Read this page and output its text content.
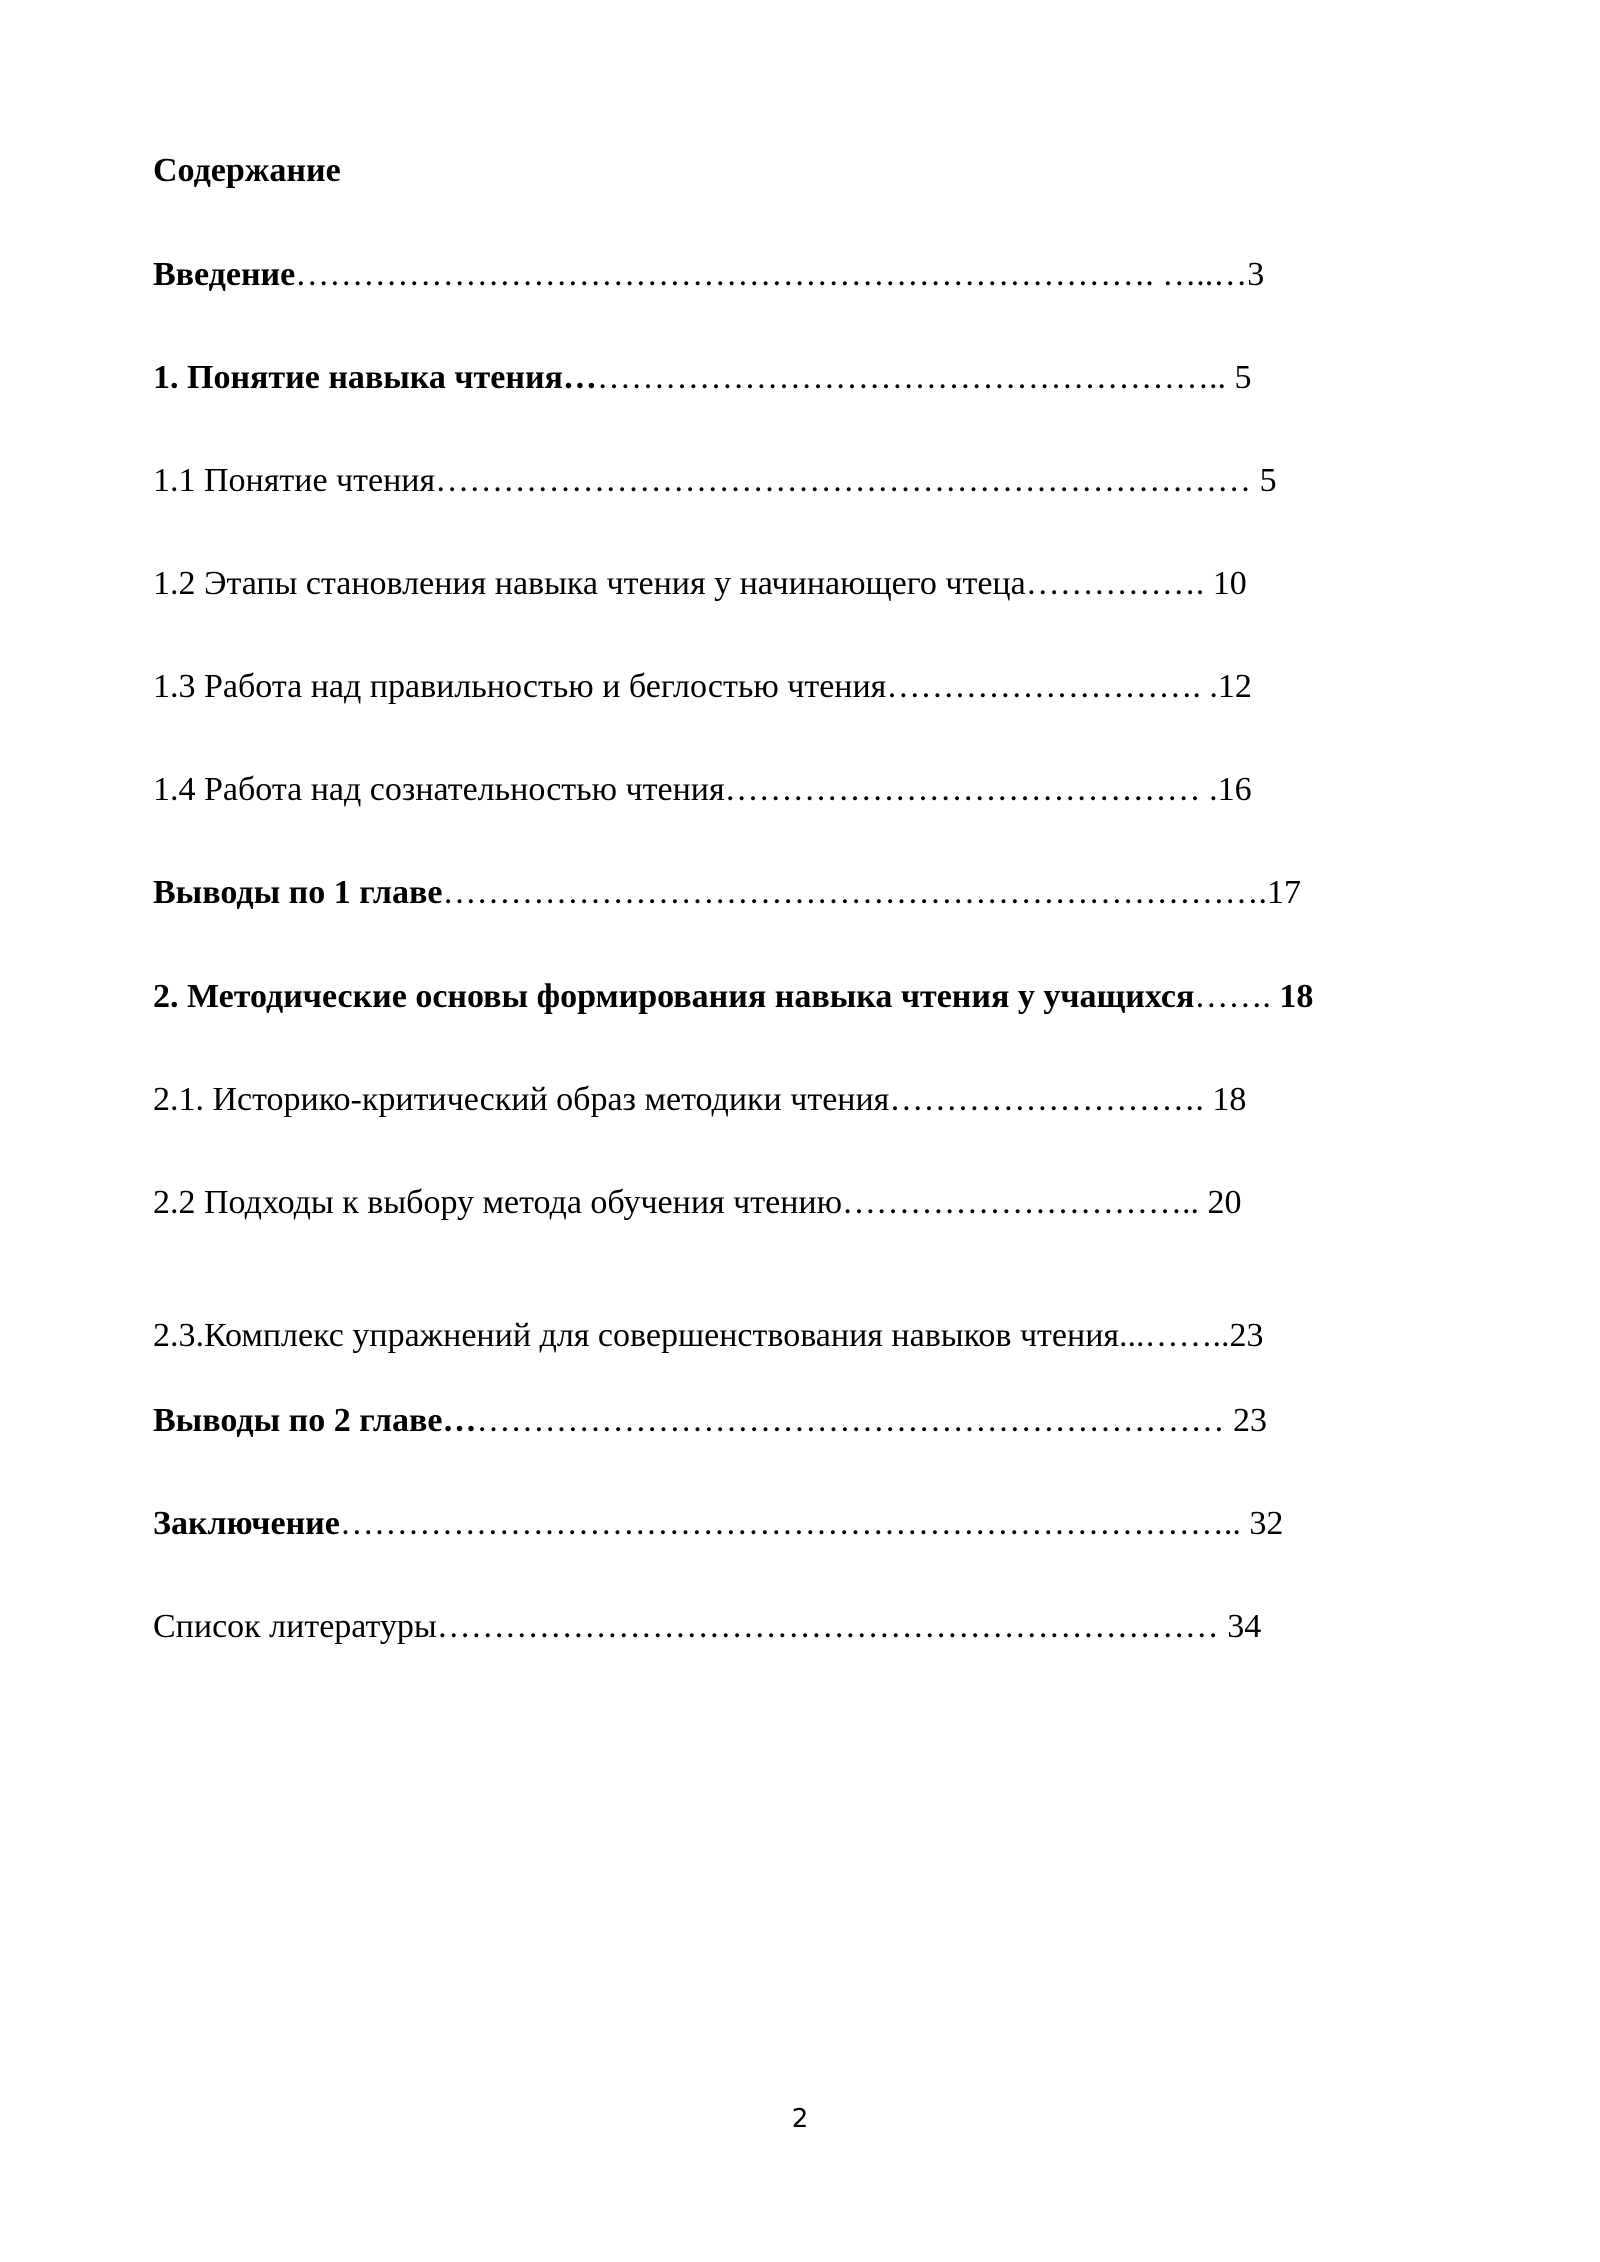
Содержание
Введение…………………………………………………………………. …..…3
1. Понятие навыка чтения………………………………………………….. 5
1.1 Понятие чтения……………………………………………………………… 5
1.2 Этапы становления навыка чтения у начинающего чтеца……………. 10
1.3 Работа над правильностью и беглостью чтения………………………. .12
1.4 Работа над сознательностью чтения…………………………………… .16
Выводы по 1 главе……………………………………………………………….17
2. Методические основы формирования навыка чтения у учащихся……. 18
2.1. Историко-критический образ методики чтения………………………. 18
2.2 Подходы к выбору метода обучения чтению………………………….. 20
2.3.Комплекс упражнений для совершенствования навыков чтения...……..23
Выводы по 2 главе…………………………………………………………… 23
Заключение…………………………………………………………………….. 32
Список литературы…………………………………………………………… 34
2
